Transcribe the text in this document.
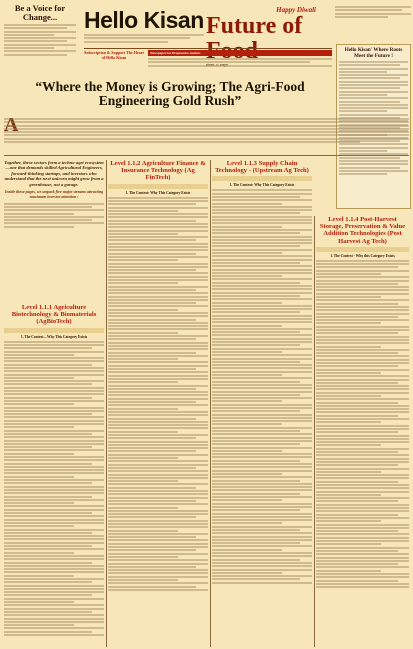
Be a Voice for Change...	Hello Kisan	Happy Diwali
Future of
सोमवार, 25 अक्टूबर
Subscription & Support The Heart of Hello Kisan
Newspaper for Progressive readers	Hello Kisan' Where Roots Meet the Future !
“Where the Money is Growing; The Agri-Food Engineering Gold Rush”
A
Together, these sectors form a techno-agri ecosystem—one that demands skilled Agricultural Engineers, forward-thinking startups, and investors who understand that the next unicorn might grow from a greenhouse, not a garage.
Inside these pages, we unpack five major streams attracting maximum investor attention :
Level 1.1.1 Agriculture Biotechnology & Biomaterials (AgBioTech)
1. The Context—Why This Category Exists
Level 1.1.2 Agriculture Finance & Insurance Technology (Ag FinTech)
1. The Context: Why This Category Exists
Level 1.1.3 Supply Chain Technology - (Upstream Ag Tech)
1. The Context: Why This Category Exists
Level 1.1.4 Post-Harvest Storage, Preservation & Value Addition Technologies (Post Harvest Ag Tech)
1. The Context - Why this Category Exists
